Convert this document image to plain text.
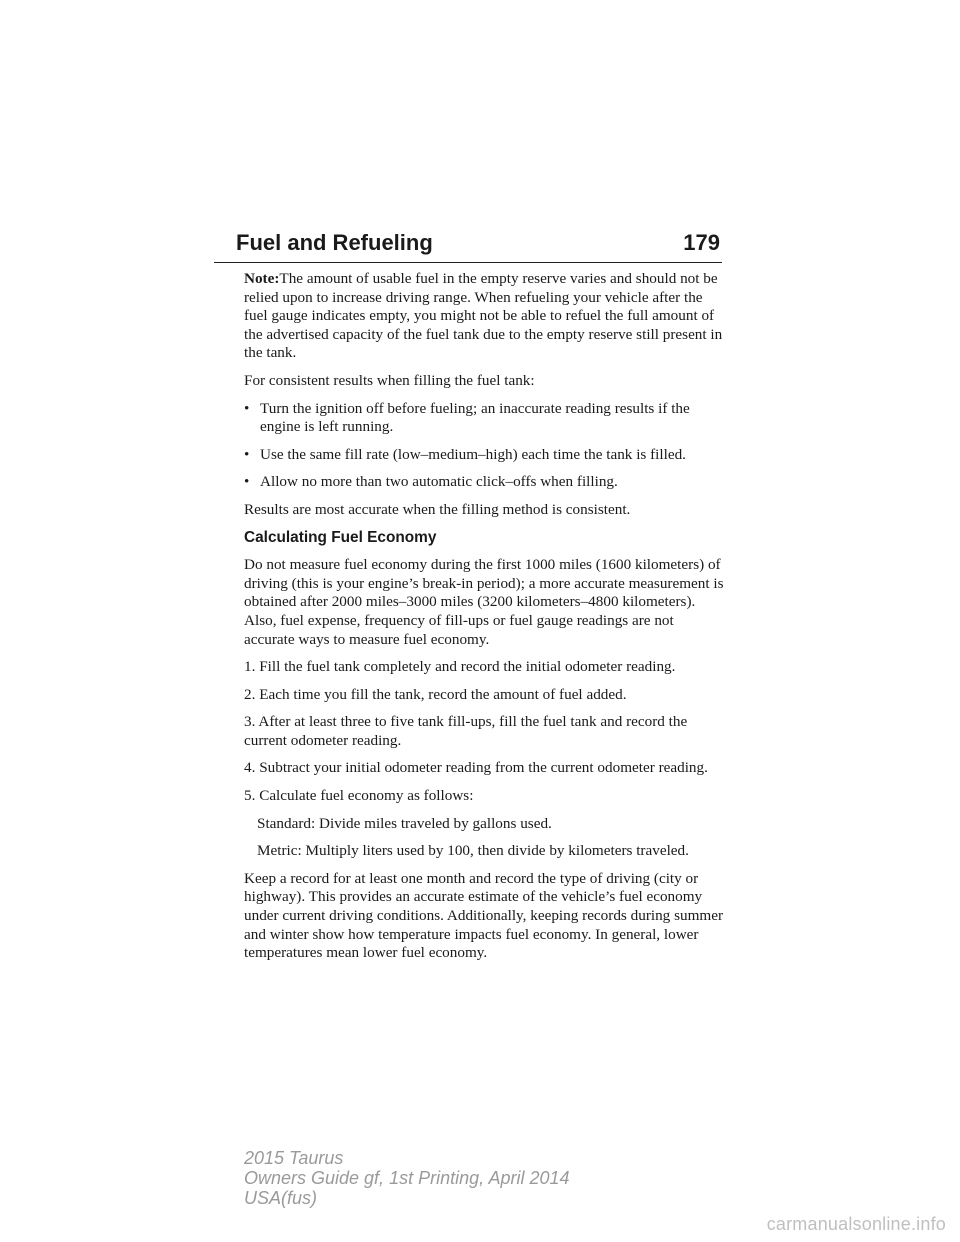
Fuel and Refueling	179

Note:The amount of usable fuel in the empty reserve varies and should not be relied upon to increase driving range. When refueling your vehicle after the fuel gauge indicates empty, you might not be able to refuel the full amount of the advertised capacity of the fuel tank due to the empty reserve still present in the tank.

For consistent results when filling the fuel tank:

• Turn the ignition off before fueling; an inaccurate reading results if the engine is left running.
• Use the same fill rate (low–medium–high) each time the tank is filled.
• Allow no more than two automatic click–offs when filling.

Results are most accurate when the filling method is consistent.

Calculating Fuel Economy

Do not measure fuel economy during the first 1000 miles (1600 kilometers) of driving (this is your engine’s break-in period); a more accurate measurement is obtained after 2000 miles–3000 miles (3200 kilometers–4800 kilometers). Also, fuel expense, frequency of fill-ups or fuel gauge readings are not accurate ways to measure fuel economy.

1. Fill the fuel tank completely and record the initial odometer reading.

2. Each time you fill the tank, record the amount of fuel added.

3. After at least three to five tank fill-ups, fill the fuel tank and record the current odometer reading.

4. Subtract your initial odometer reading from the current odometer reading.

5. Calculate fuel economy as follows:

Standard: Divide miles traveled by gallons used.

Metric: Multiply liters used by 100, then divide by kilometers traveled.

Keep a record for at least one month and record the type of driving (city or highway). This provides an accurate estimate of the vehicle’s fuel economy under current driving conditions. Additionally, keeping records during summer and winter show how temperature impacts fuel economy. In general, lower temperatures mean lower fuel economy.

2015 Taurus
Owners Guide gf, 1st Printing, April 2014
USA(fus)
carmanualsonline.info
